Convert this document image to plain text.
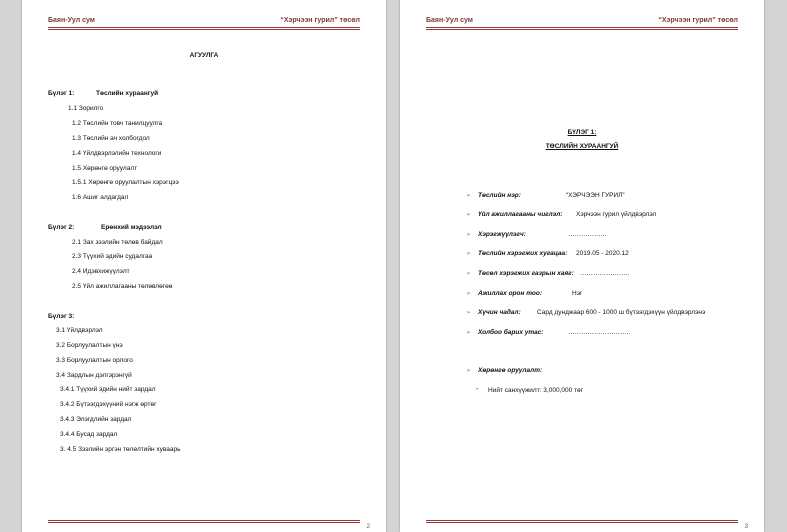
Баян-Уул сум	“Хэрчээн гурил” төсөл
АГУУЛГА
Бүлэг 1:	Төслийн хураангуй
1.1 Зорилго
1.2 Төслийн товч танилцуулга
1.3 Төслийн ач холбогдол
1.4 Үйлдвэрлэлийн технологи
1.5 Хөрөнгө оруулалт
1.5.1 Хөрөнгө оруулалтын хэрэгцээ
1.6 Ашиг алдагдал
Бүлэг 2:	Ерөнхий мэдээлэл
2.1 Зах зээлийн төлөв байдал
2.3 Түүхий эдийн судалгаа
2.4 Идэвхижүүлэлт
2.5 Үйл ажиллагааны төлөвлөгөө
Бүлэг 3:
3.1 Үйлдвэрлэл
3.2 Борлуулалтын үнэ
3.3 Борлуулалтын орлого
3.4 Зардлын дэлгэрэнгүй
3.4.1 Түүхий эдийн нийт зардал
3.4.2 Бүтээгдэхүүний нэгж өртөг
3.4.3 Элэгдлийн зардал
3.4.4 Бусад зардал
3. 4.5 Зээлийн эргэн төлөлтийн хуваарь
2
Баян-Уул сум	“Хэрчээн гурил” төсөл
БҮЛЭГ 1:
ТӨСЛИЙН ХУРААНГУЙ
➢ Төслийн нэр:	“ХЭРЧЭЭН ГУРИЛ”
➢ Үйл ажиллагааны чиглэл: Хэрчээн гурил үйлдвэрлэл
➢ Хэрэгжүүлэгч:	………………
➢ Төслийн хэрэгжих хугацаа: 2019.05 - 2020.12
➢ Төсөл хэрэгжих газрын хаяг: …………………..
➢ Ажиллах орон тоо:	Нэг
➢ Хүчин чадал: Сард дунджаар 600 - 1000 ш бүтээгдэхүүн үйлдвэрлэнэ
➢ Холбоо барих утас:	………………………..
➢ Хөрөнгө оруулалт:
- Нийт санхүүжилт: 3,000,000 төг
3
